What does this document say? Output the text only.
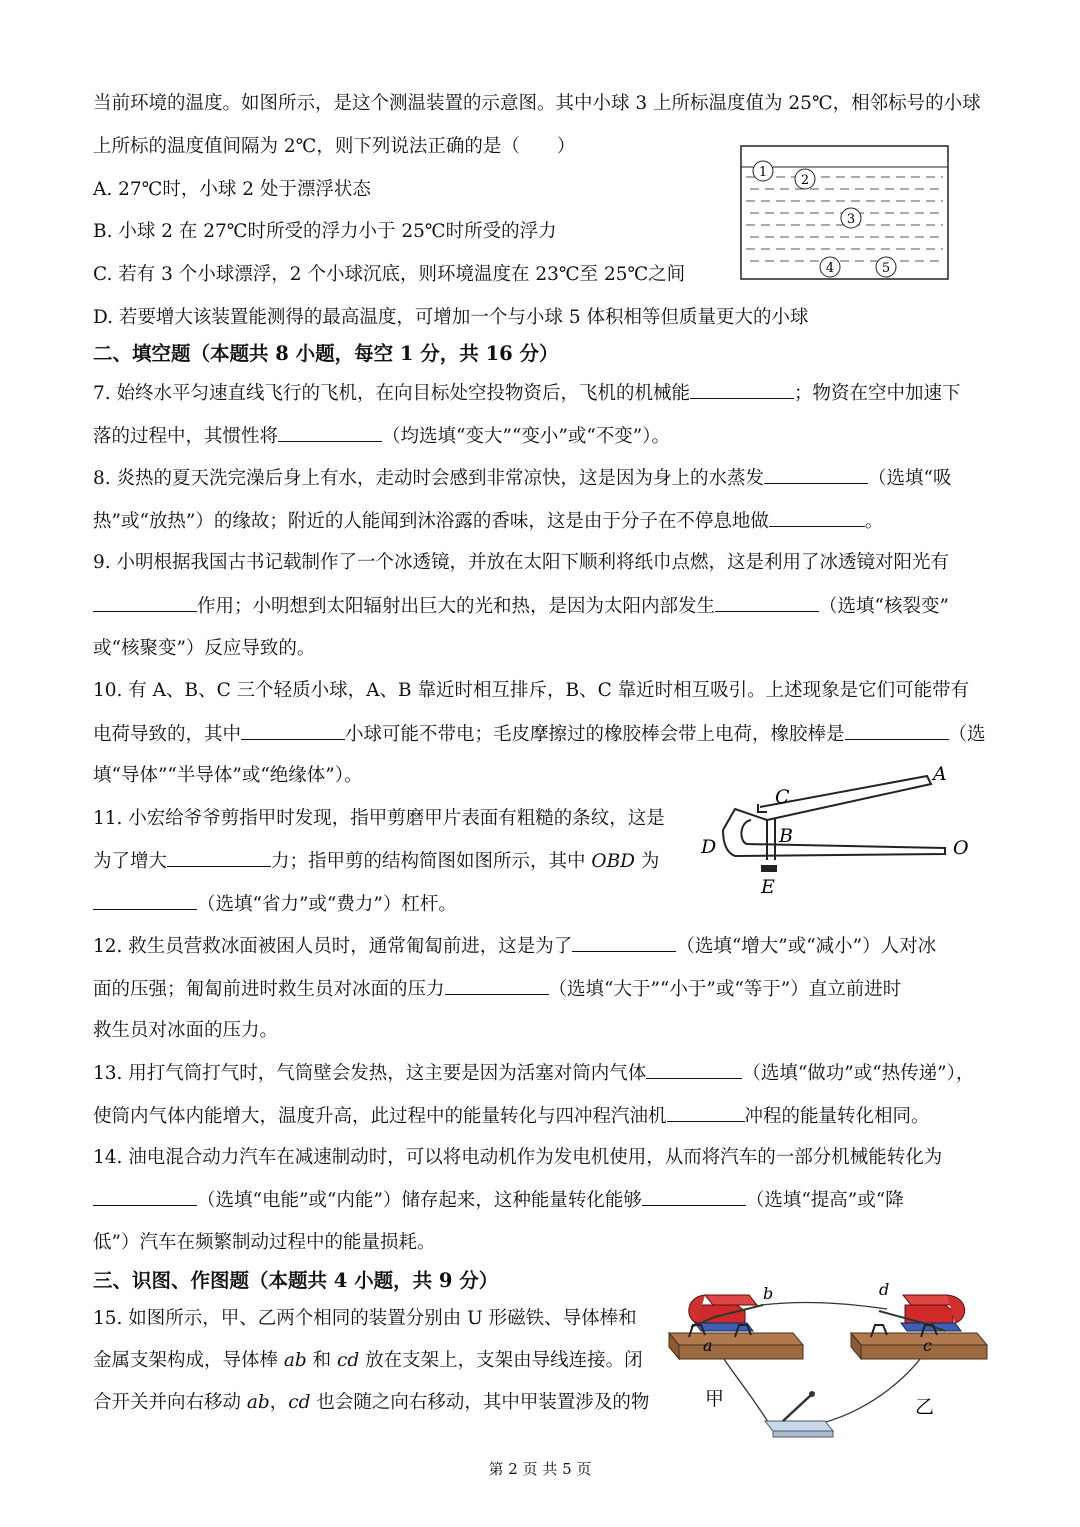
当前环境的温度。如图所示，是这个测温装置的示意图。其中小球 3 上所标温度值为 25℃，相邻标号的小球
上所标的温度值间隔为 2℃，则下列说法正确的是（　　）
A. 27℃时，小球 2 处于漂浮状态
B. 小球 2 在 27℃时所受的浮力小于 25℃时所受的浮力
C. 若有 3 个小球漂浮，2 个小球沉底，则环境温度在 23℃至 25℃之间
D. 若要增大该装置能测得的最高温度，可增加一个与小球 5 体积相等但质量更大的小球
1
2
3
4	5
二、填空题（本题共 8 小题，每空 1 分，共 16 分）
7. 始终水平匀速直线飞行的飞机，在向目标处空投物资后，飞机的机械能	；物资在空中加速下
落的过程中，其惯性将	（均选填“变大”“变小”或“不变”）。
8. 炎热的夏天洗完澡后身上有水，走动时会感到非常凉快，这是因为身上的水蒸发	（选填“吸
热”或“放热”）的缘故；附近的人能闻到沐浴露的香味，这是由于分子在不停息地做	。
9. 小明根据我国古书记载制作了一个冰透镜，并放在太阳下顺利将纸巾点燃，这是利用了冰透镜对阳光有
作用；小明想到太阳辐射出巨大的光和热，是因为太阳内部发生	（选填“核裂变”
或“核聚变”）反应导致的。
10. 有 A、B、C 三个轻质小球，A、B 靠近时相互排斥，B、C 靠近时相互吸引。上述现象是它们可能带有
电荷导致的，其中	小球可能不带电；毛皮摩擦过的橡胶棒会带上电荷，橡胶棒是	（选
填“导体”“半导体”或“绝缘体”）。
11. 小宏给爷爷剪指甲时发现，指甲剪磨甲片表面有粗糙的条纹，这是
为了增大	力；指甲剪的结构简图如图所示，其中 OBD 为
（选填“省力”或“费力”）杠杆。
A
B
C
D
E
O
12. 救生员营救冰面被困人员时，通常匍匐前进，这是为了	（选填“增大”或“减小”）人对冰
面的压强；匍匐前进时救生员对冰面的压力	（选填“大于”“小于”或“等于”）直立前进时
救生员对冰面的压力。
13. 用打气筒打气时，气筒壁会发热，这主要是因为活塞对筒内气体	（选填“做功”或“热传递”），
使筒内气体内能增大，温度升高，此过程中的能量转化与四冲程汽油机	冲程的能量转化相同。
14. 油电混合动力汽车在减速制动时，可以将电动机作为发电机使用，从而将汽车的一部分机械能转化为
（选填“电能”或“内能”）储存起来，这种能量转化能够	（选填“提高”或“降
低”）汽车在频繁制动过程中的能量损耗。
三、识图、作图题（本题共 4 小题，共 9 分）
15. 如图所示，甲、乙两个相同的装置分别由 U 形磁铁、导体棒和
金属支架构成，导体棒 ab 和 cd 放在支架上，支架由导线连接。闭
合开关并向右移动 ab，cd 也会随之向右移动，其中甲装置涉及的物
a
b
c
d
甲	乙
第 2 页 共 5 页
